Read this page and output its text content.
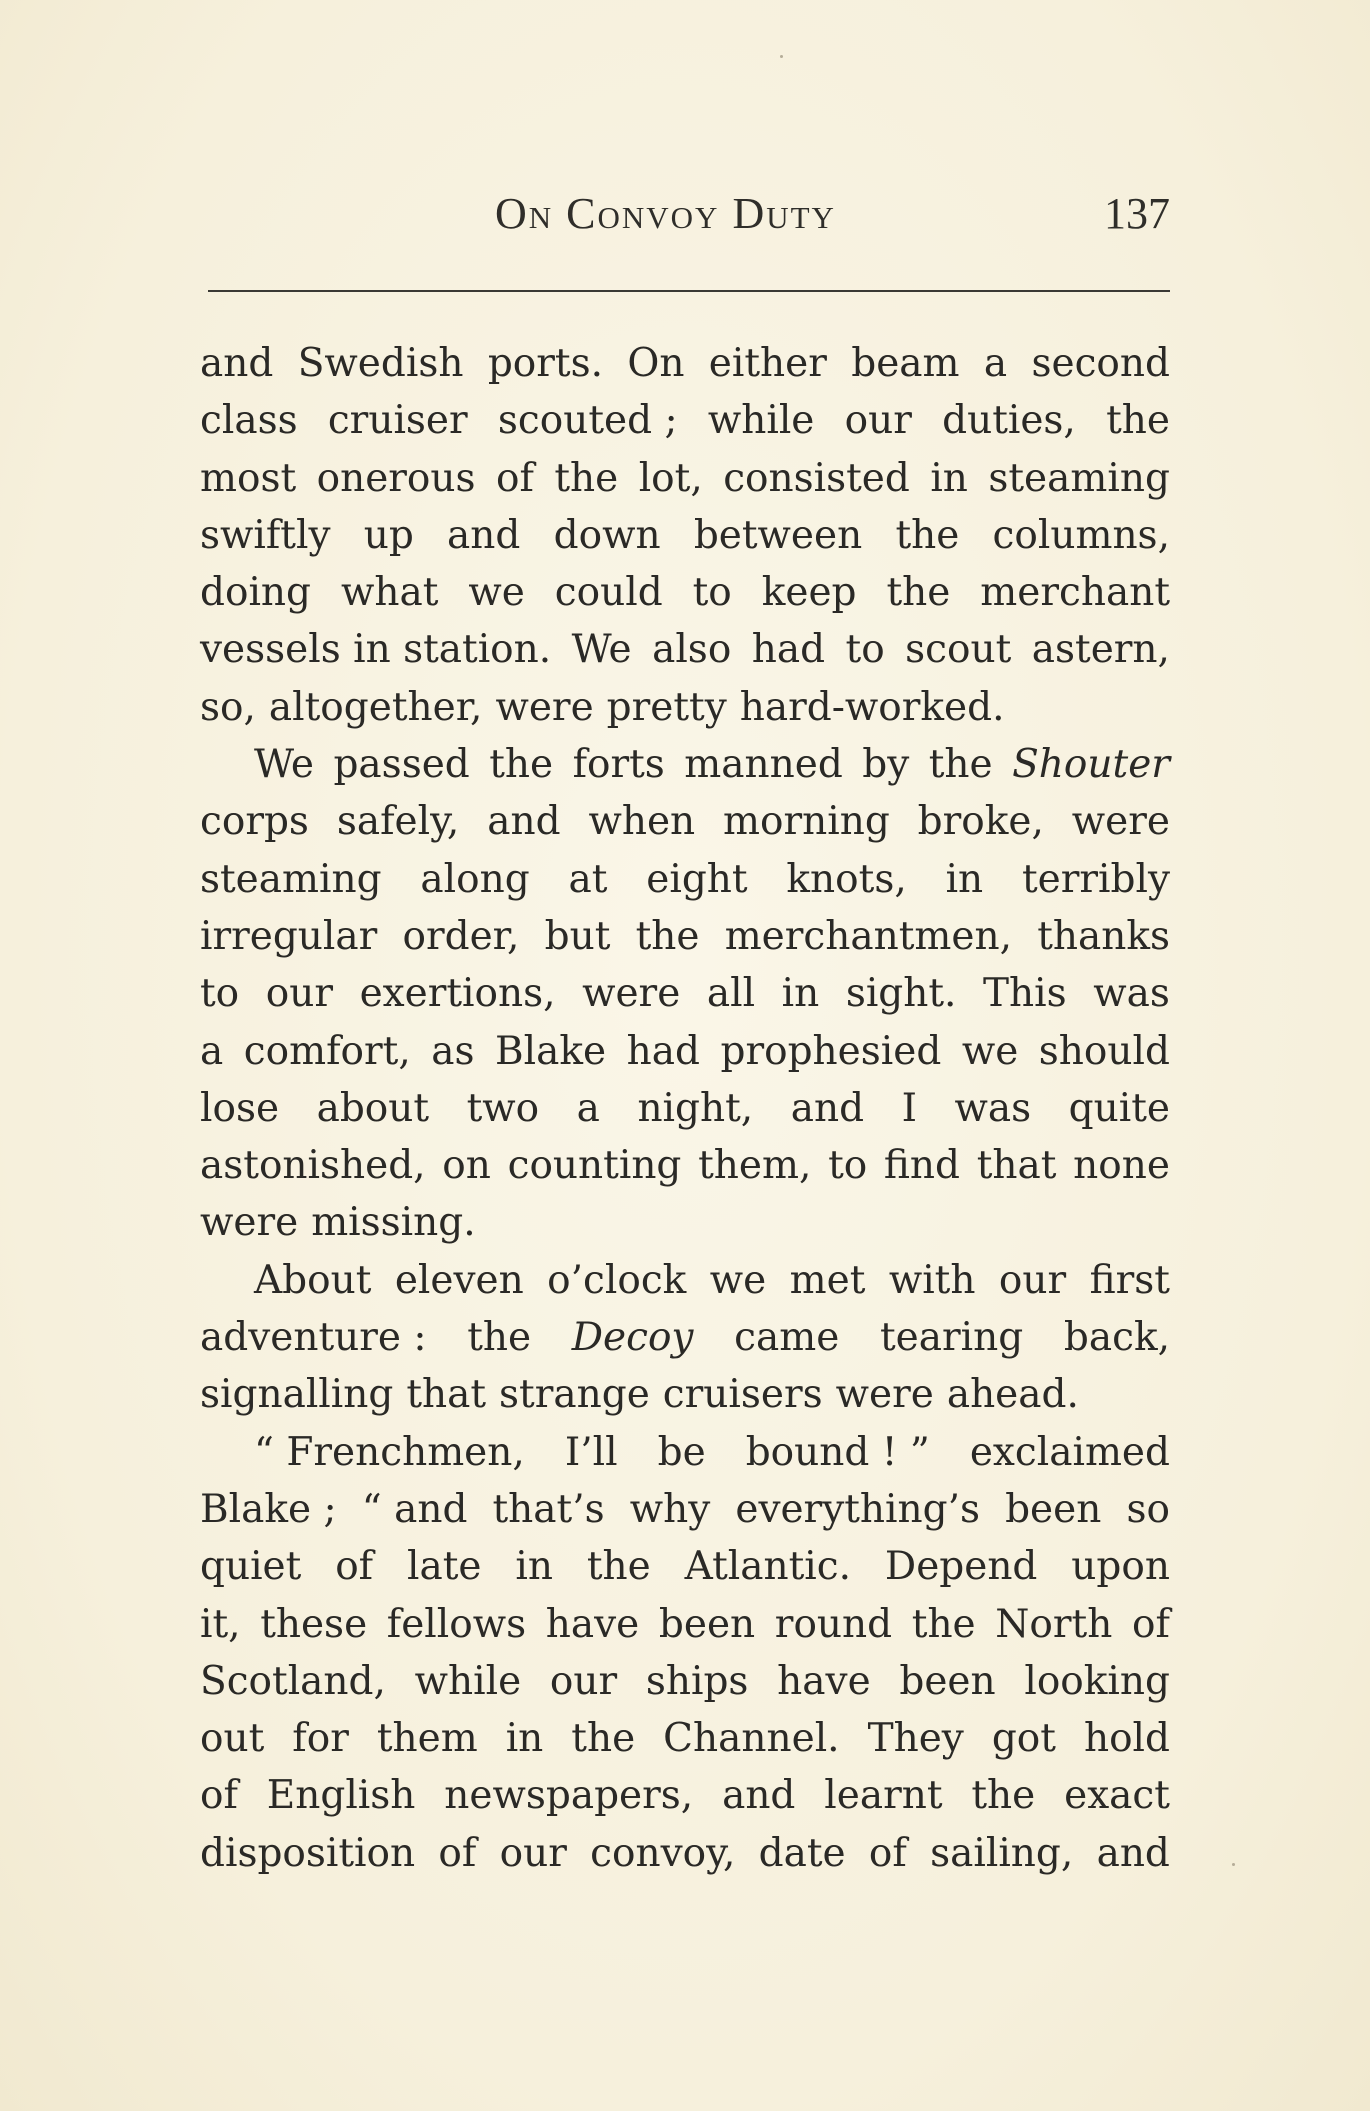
On Convoy Duty	137
and Swedish ports. On either beam a second
class cruiser scouted ; while our duties, the
most onerous of the lot, consisted in steaming
swiftly up and down between the columns,
doing what we could to keep the merchant
vessels in station. We also had to scout astern,
so, altogether, were pretty hard-worked.
We passed the forts manned by the Shouter
corps safely, and when morning broke, were
steaming along at eight knots, in terribly
irregular order, but the merchantmen, thanks
to our exertions, were all in sight. This was
a comfort, as Blake had prophesied we should
lose about two a night, and I was quite
astonished, on counting them, to find that none
were missing.
About eleven o’clock we met with our first
adventure : the Decoy came tearing back,
signalling that strange cruisers were ahead.
“ Frenchmen, I’ll be bound ! ” exclaimed
Blake ; “ and that’s why everything’s been so
quiet of late in the Atlantic. Depend upon
it, these fellows have been round the North of
Scotland, while our ships have been looking
out for them in the Channel. They got hold
of English newspapers, and learnt the exact
disposition of our convoy, date of sailing, and
